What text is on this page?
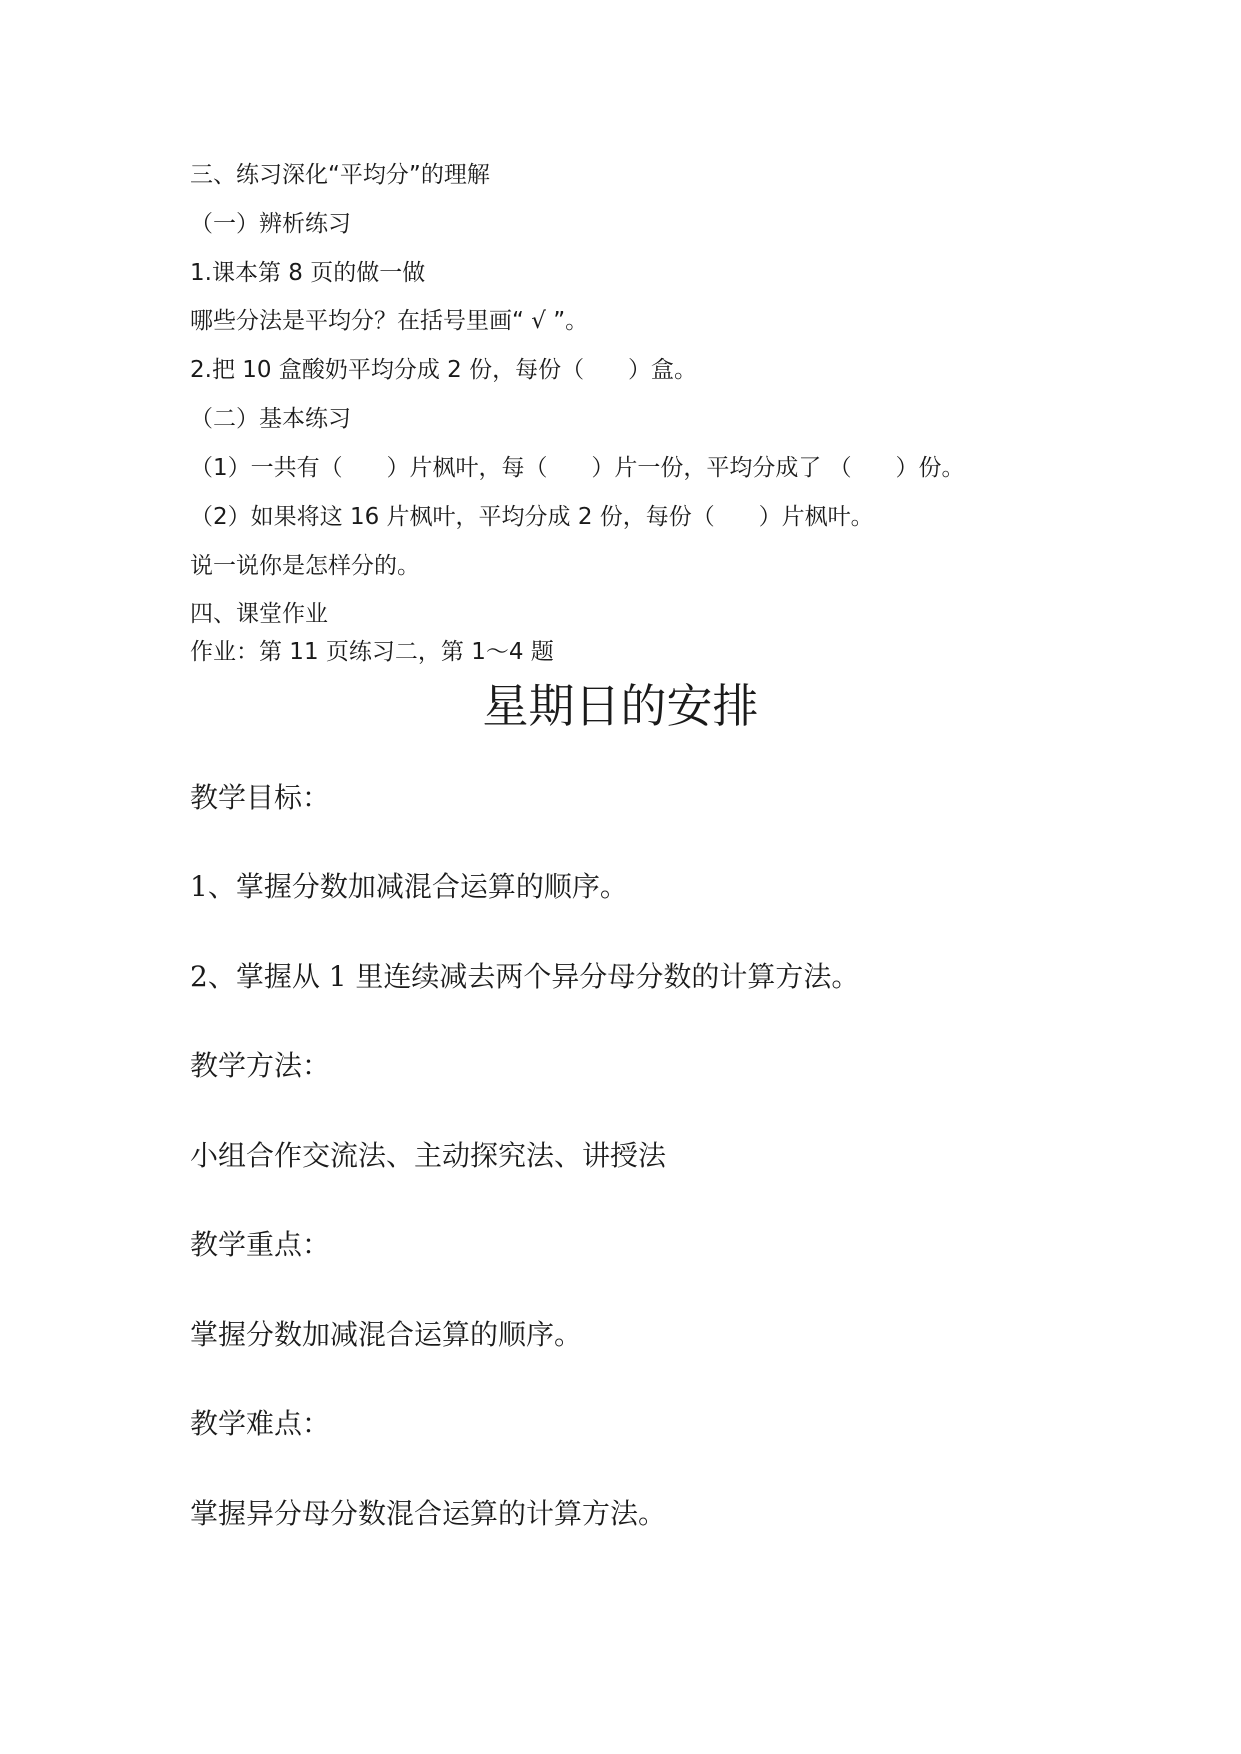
三、练习深化“平均分”的理解
（一）辨析练习
1.课本第 8 页的做一做
哪些分法是平均分？在括号里画“ √ ”。
2.把 10 盒酸奶平均分成 2 份，每份（      ）盒。
（二）基本练习
（1）一共有（      ）片枫叶，每（      ）片一份，平均分成了 （      ）份。
（2）如果将这 16 片枫叶，平均分成 2 份，每份（      ）片枫叶。
说一说你是怎样分的。
四、课堂作业
作业：第 11 页练习二，第 1～4 题
星期日的安排
教学目标：
1、掌握分数加减混合运算的顺序。
2、掌握从 1 里连续减去两个异分母分数的计算方法。
教学方法：
小组合作交流法、主动探究法、讲授法
教学重点：
掌握分数加减混合运算的顺序。
教学难点：
掌握异分母分数混合运算的计算方法。
